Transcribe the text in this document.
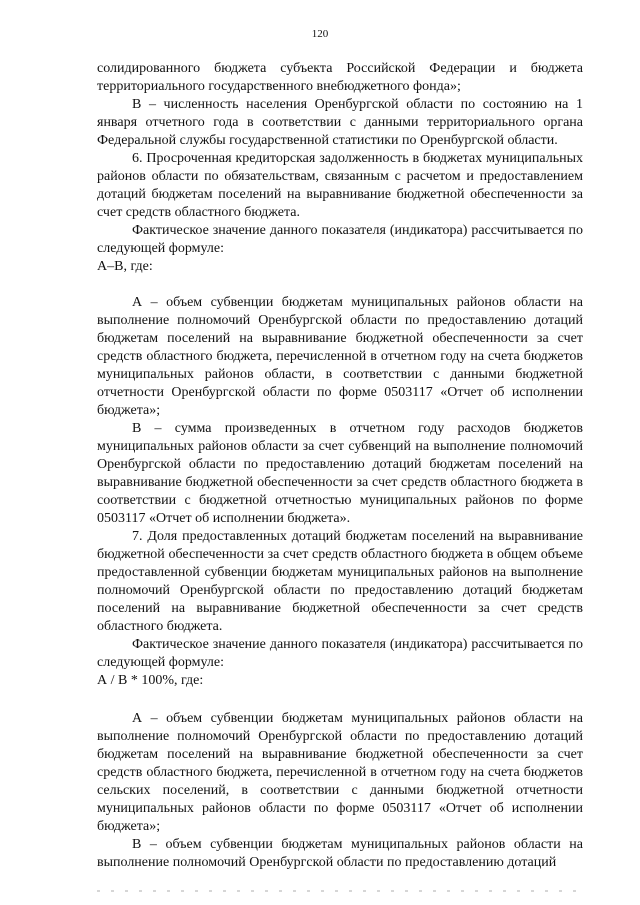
120

солидированного бюджета субъекта Российской Федерации и бюджета территориального государственного внебюджетного фонда»;

В – численность населения Оренбургской области по состоянию на 1 января отчетного года в соответствии с данными территориального органа Федеральной службы государственной статистики по Оренбургской области.

6. Просроченная кредиторская задолженность в бюджетах муниципальных районов области по обязательствам, связанным с расчетом и предоставлением дотаций бюджетам поселений на выравнивание бюджетной обеспеченности за счет средств областного бюджета.

Фактическое значение данного показателя (индикатора) рассчитывается по следующей формуле:

А–В, где:

А – объем субвенции бюджетам муниципальных районов области на выполнение полномочий Оренбургской области по предоставлению дотаций бюджетам поселений на выравнивание бюджетной обеспеченности за счет средств областного бюджета, перечисленной в отчетном году на счета бюджетов муниципальных районов области, в соответствии с данными бюджетной отчетности Оренбургской области по форме 0503117 «Отчет об исполнении бюджета»;

В – сумма произведенных в отчетном году расходов бюджетов муниципальных районов области за счет субвенций на выполнение полномочий Оренбургской области по предоставлению дотаций бюджетам поселений на выравнивание бюджетной обеспеченности за счет средств областного бюджета в соответствии с бюджетной отчетностью муниципальных районов по форме 0503117 «Отчет об исполнении бюджета».

7. Доля предоставленных дотаций бюджетам поселений на выравнивание бюджетной обеспеченности за счет средств областного бюджета в общем объеме предоставленной субвенции бюджетам муниципальных районов на выполнение полномочий Оренбургской области по предоставлению дотаций бюджетам поселений на выравнивание бюджетной обеспеченности за счет средств областного бюджета.

Фактическое значение данного показателя (индикатора) рассчитывается по следующей формуле:

А / В * 100%, где:

А – объем субвенции бюджетам муниципальных районов области на выполнение полномочий Оренбургской области по предоставлению дотаций бюджетам поселений на выравнивание бюджетной обеспеченности за счет средств областного бюджета, перечисленной в отчетном году на счета бюджетов сельских поселений, в соответствии с данными бюджетной отчетности муниципальных районов области по форме 0503117 «Отчет об исполнении бюджета»;

В – объем субвенции бюджетам муниципальных районов области на выполнение полномочий Оренбургской области по предоставлению дотаций
